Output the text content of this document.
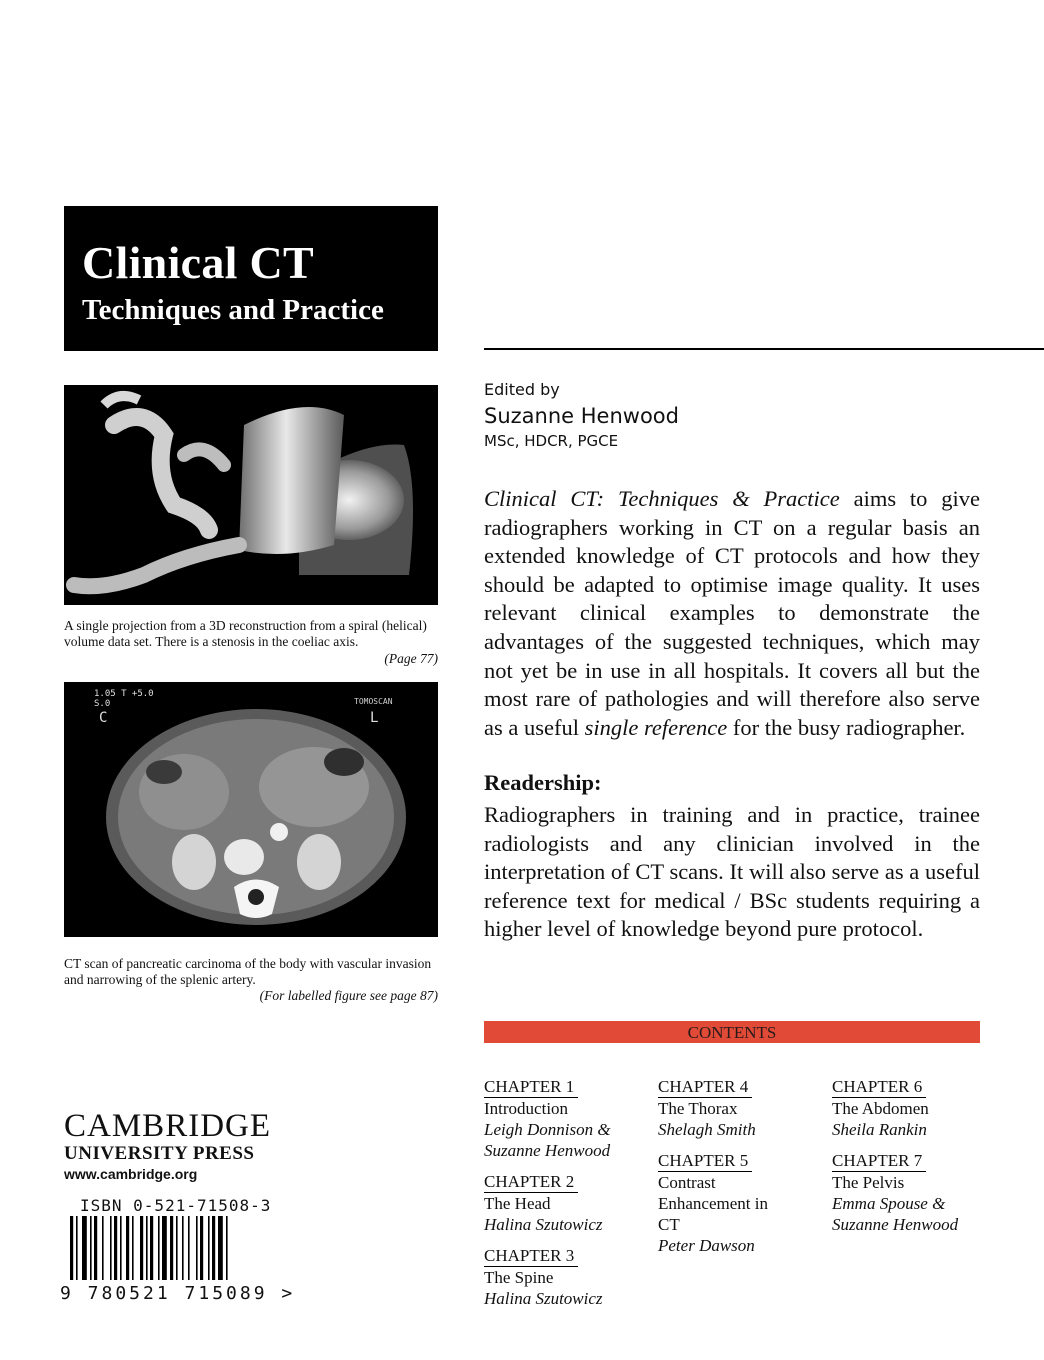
Clinical CT
Techniques and Practice
Edited by
Suzanne Henwood
MSc, HDCR, PGCE

Clinical CT: Techniques & Practice aims to give radiographers working in CT on a regular basis an extended knowledge of CT protocols and how they should be adapted to optimise image quality. It uses relevant clinical examples to demonstrate the advantages of the suggested techniques, which may not yet be in use in all hospitals. It covers all but the most rare of pathologies and will therefore also serve as a useful single reference for the busy radiographer.

Readership:

Radiographers in training and in practice, trainee radiologists and any clinician involved in the interpretation of CT scans. It will also serve as a useful reference text for medical / BSc students requiring a higher level of knowledge beyond pure protocol.

CONTENTS
CHAPTER 1
Introduction
Leigh Donnison & Suzanne Henwood
CHAPTER 2
The Head
Halina Szutowicz
CHAPTER 3
The Spine
Halina Szutowicz
CHAPTER 4
The Thorax
Shelagh Smith
CHAPTER 5
Contrast Enhancement in CT
Peter Dawson
CHAPTER 6
The Abdomen
Sheila Rankin
CHAPTER 7
The Pelvis
Emma Spouse & Suzanne Henwood
A single projection from a 3D reconstruction from a spiral (helical) volume data set. There is a stenosis in the coeliac axis.
(Page 77)
1.05 T +5.0
S.0
C
TOMOSCAN
L
CT scan of pancreatic carcinoma of the body with vascular invasion and narrowing of the splenic artery.
(For labelled figure see page 87)
CAMBRIDGE
UNIVERSITY PRESS
www.cambridge.org
ISBN 0-521-71508-3
9 780521 715089 >
